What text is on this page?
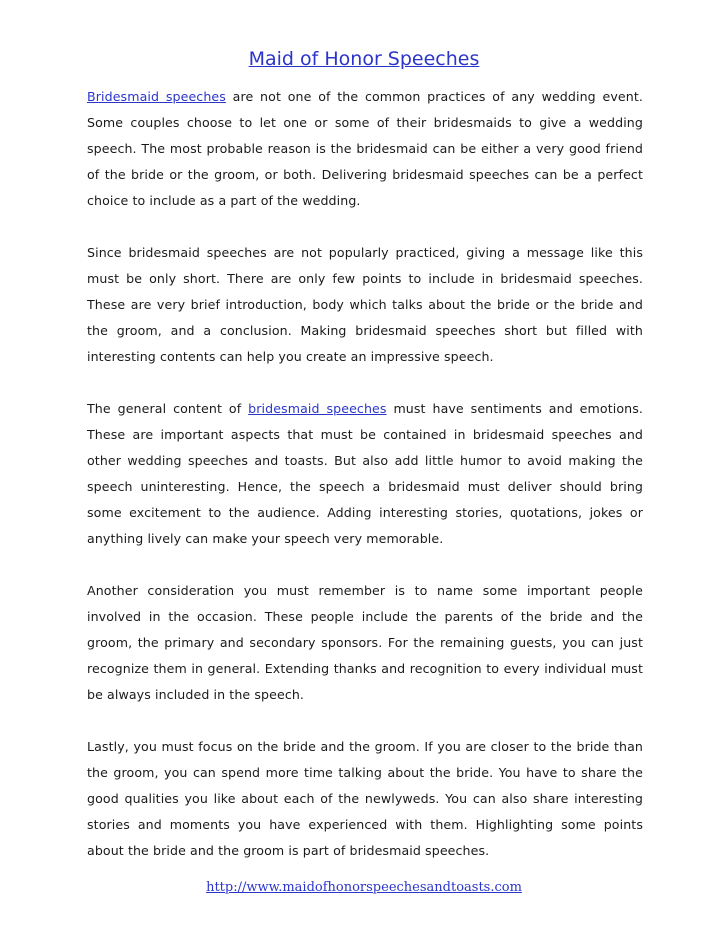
Maid of Honor Speeches

Bridesmaid speeches are not one of the common practices of any wedding event. Some couples choose to let one or some of their bridesmaids to give a wedding speech. The most probable reason is the bridesmaid can be either a very good friend of the bride or the groom, or both. Delivering bridesmaid speeches can be a perfect choice to include as a part of the wedding.

Since bridesmaid speeches are not popularly practiced, giving a message like this must be only short. There are only few points to include in bridesmaid speeches. These are very brief introduction, body which talks about the bride or the bride and the groom, and a conclusion. Making bridesmaid speeches short but filled with interesting contents can help you create an impressive speech.

The general content of bridesmaid speeches must have sentiments and emotions. These are important aspects that must be contained in bridesmaid speeches and other wedding speeches and toasts. But also add little humor to avoid making the speech uninteresting. Hence, the speech a bridesmaid must deliver should bring some excitement to the audience. Adding interesting stories, quotations, jokes or anything lively can make your speech very memorable.

Another consideration you must remember is to name some important people involved in the occasion. These people include the parents of the bride and the groom, the primary and secondary sponsors. For the remaining guests, you can just recognize them in general. Extending thanks and recognition to every individual must be always included in the speech.

Lastly, you must focus on the bride and the groom. If you are closer to the bride than the groom, you can spend more time talking about the bride. You have to share the good qualities you like about each of the newlyweds. You can also share interesting stories and moments you have experienced with them. Highlighting some points about the bride and the groom is part of bridesmaid speeches.

http://www.maidofhonorspeechesandtoasts.com
